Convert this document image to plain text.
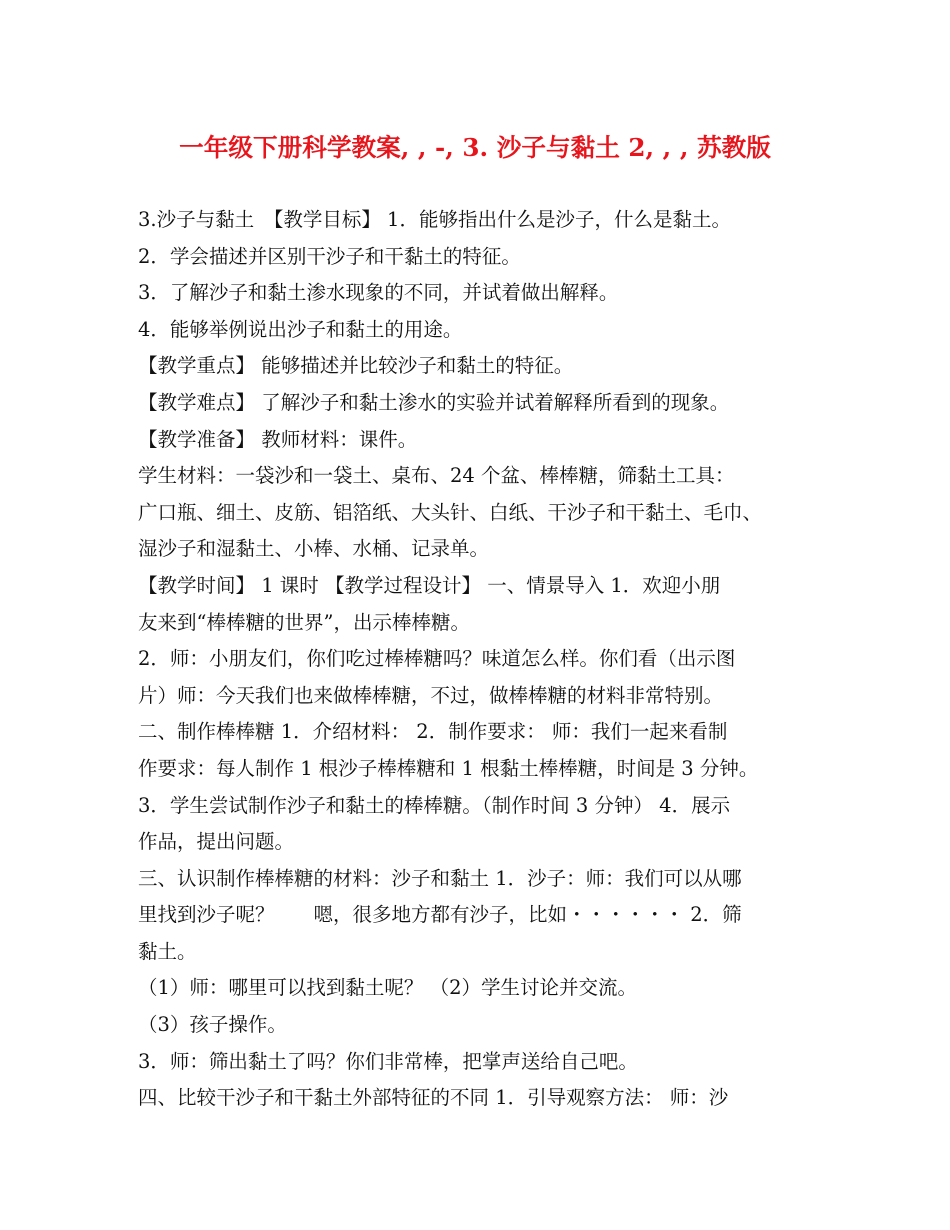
一年级下册科学教案, , -, 3. 沙子与黏土 2, , , 苏教版
3.沙子与黏土　【教学目标】 1．能够指出什么是沙子，什么是黏土。
2．学会描述并区别干沙子和干黏土的特征。
3．了解沙子和黏土渗水现象的不同，并试着做出解释。
4．能够举例说出沙子和黏土的用途。
【教学重点】 能够描述并比较沙子和黏土的特征。
【教学难点】 了解沙子和黏土渗水的实验并试着解释所看到的现象。
【教学准备】 教师材料：课件。
学生材料：一袋沙和一袋土、桌布、24 个盆、棒棒糖，筛黏土工具：
广口瓶、细土、皮筋、铝箔纸、大头针、白纸、干沙子和干黏土、毛巾、
湿沙子和湿黏土、小棒、水桶、记录单。
【教学时间】 1 课时 【教学过程设计】 一、情景导入 1．欢迎小朋
友来到“棒棒糖的世界”，出示棒棒糖。
2．师：小朋友们，你们吃过棒棒糖吗？味道怎么样。你们看（出示图
片）师：今天我们也来做棒棒糖，不过，做棒棒糖的材料非常特别。
二、制作棒棒糖 1．介绍材料： 2．制作要求： 师：我们一起来看制
作要求：每人制作 1 根沙子棒棒糖和 1 根黏土棒棒糖，时间是 3 分钟。
3．学生尝试制作沙子和黏土的棒棒糖。（制作时间 3 分钟） 4．展示
作品，提出问题。
三、认识制作棒棒糖的材料：沙子和黏土 1．沙子：师：我们可以从哪
里找到沙子呢？　　嗯，很多地方都有沙子，比如・・・・・・ 2．筛
黏土。
（1）师：哪里可以找到黏土呢？ （2）学生讨论并交流。
（3）孩子操作。
3．师：筛出黏土了吗？你们非常棒，把掌声送给自己吧。
四、比较干沙子和干黏土外部特征的不同 1．引导观察方法： 师：沙
